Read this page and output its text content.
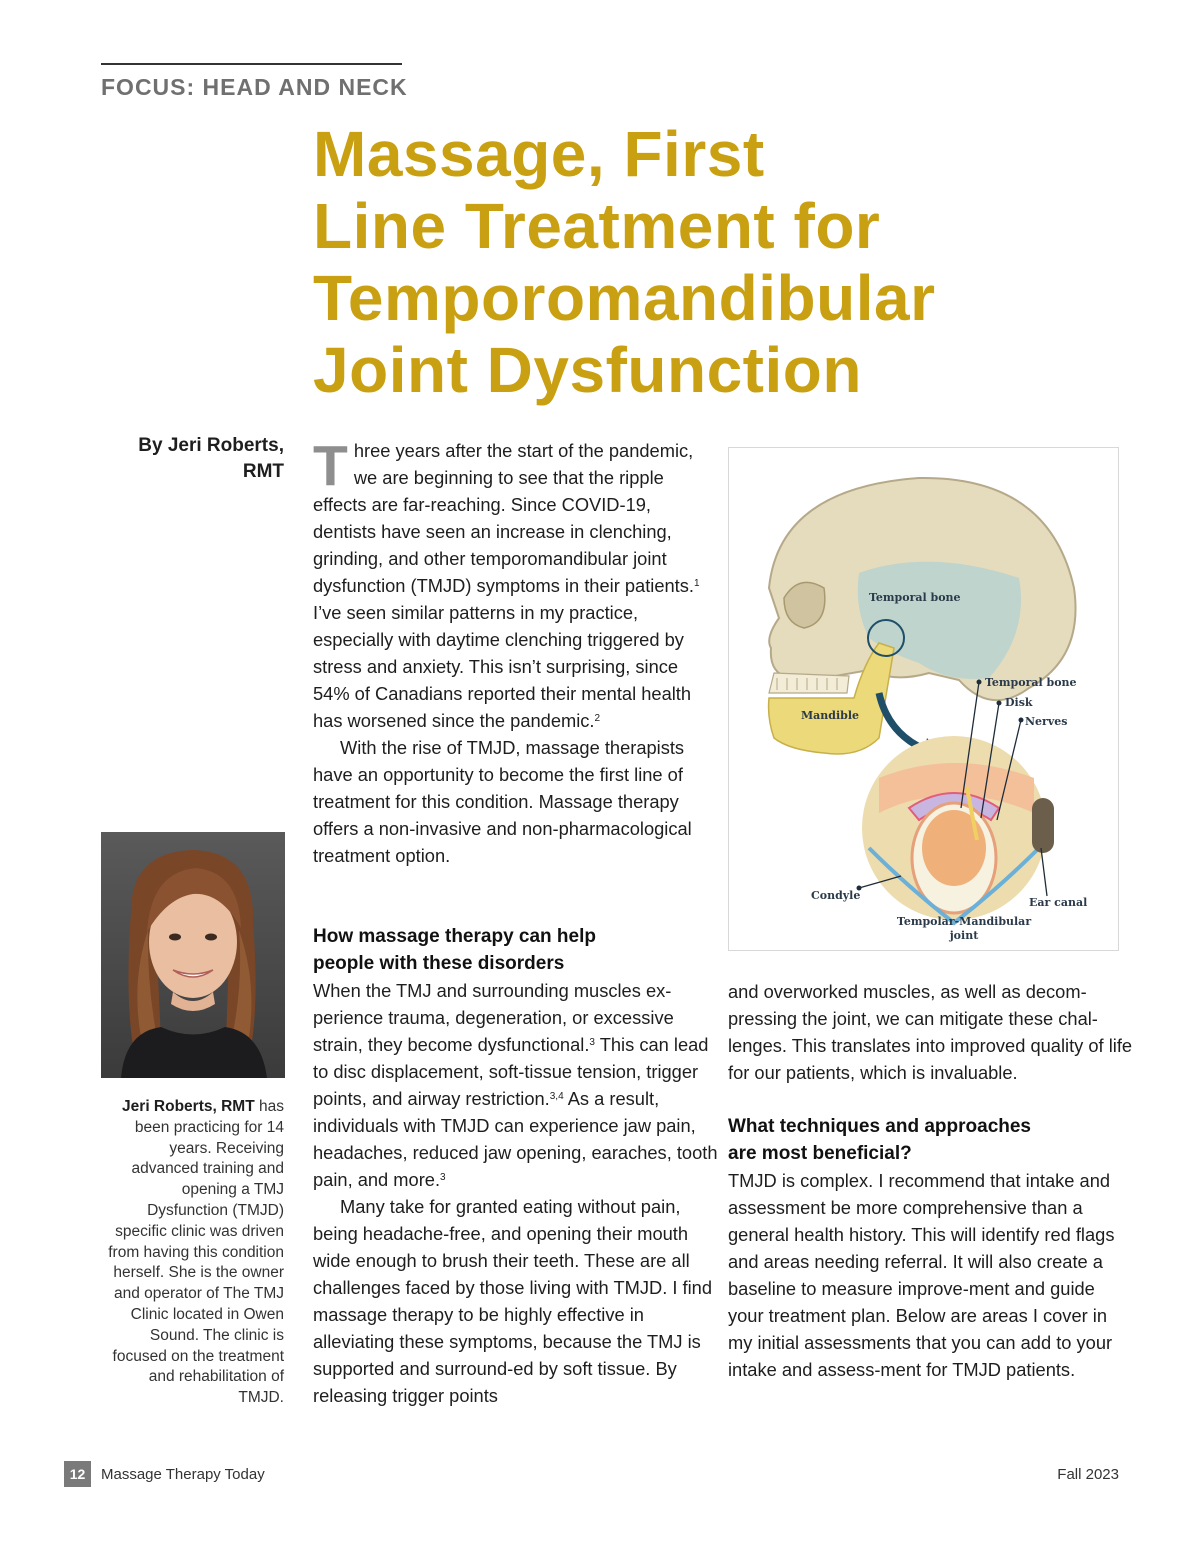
FOCUS: HEAD AND NECK
Massage, First
Line Treatment for
Temporomandibular
Joint Dysfunction
By Jeri Roberts,
RMT
Jeri Roberts, RMT has been practicing for 14 years. Receiving advanced training and opening a TMJ Dysfunction (TMJD) specific clinic was driven from having this condition herself. She is the owner and operator of The TMJ Clinic located in Owen Sound. The clinic is focused on the treatment and rehabilitation of TMJD.

Three years after the start of the pandemic, we are beginning to see that the ripple effects are far-reaching. Since COVID-19, dentists have seen an increase in clenching, grinding, and other temporomandibular joint dysfunction (TMJD) symptoms in their patients.$^1$ I’ve seen similar patterns in my practice, especially with daytime clenching triggered by stress and anxiety. This isn’t surprising, since 54% of Canadians reported their mental health has worsened since the pandemic.$^2$

With the rise of TMJD, massage therapists have an opportunity to become the first line of treatment for this condition. Massage therapy offers a non-invasive and non-pharmacological treatment option.

How massage therapy can help
people with these disorders

When the TMJ and surrounding muscles ex-perience trauma, degeneration, or excessive strain, they become dysfunctional.$^3$ This can lead to disc displacement, soft-tissue tension, trigger points, and airway restriction.$^{3,4}$ As a result, individuals with TMJD can experience jaw pain, headaches, reduced jaw opening, earaches, tooth pain, and more.$^3$

Many take for granted eating without pain, being headache-free, and opening their mouth wide enough to brush their teeth. These are all challenges faced by those living with TMJD. I find massage therapy to be highly effective in alleviating these symptoms, because the TMJ is supported and surround-ed by soft tissue. By releasing trigger points

and overworked muscles, as well as decom-pressing the joint, we can mitigate these chal-lenges. This translates into improved quality of life for our patients, which is invaluable.

What techniques and approaches
are most beneficial?

TMJD is complex. I recommend that intake and assessment be more comprehensive than a general health history. This will identify red flags and areas needing referral. It will also create a baseline to measure improve-ment and guide your treatment plan. Below are areas I cover in my initial assessments that you can add to your intake and assess-ment for TMJD patients.

Temporal bone
Temporal bone
Disk
Nerves
Mandible
Condyle
Ear canal
Tempolar-Mandibular
joint
12	Massage Therapy Today	Fall 2023
